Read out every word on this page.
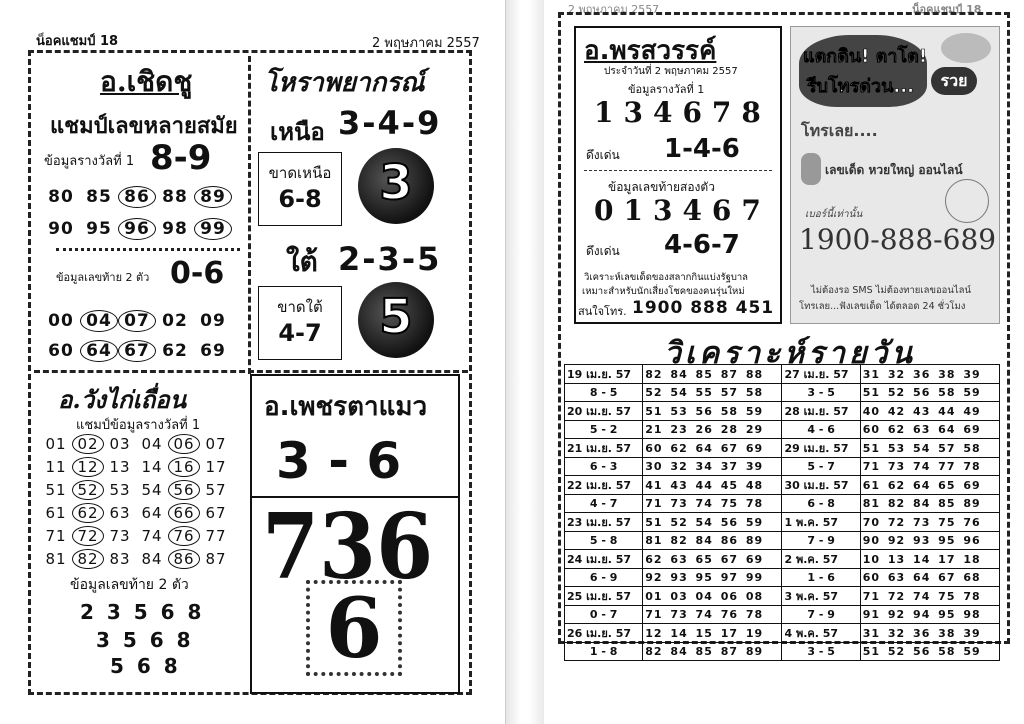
น็อคแชมป์ 18	2 พฤษภาคม 2557
อ.เชิดชู
แชมป์เลขหลายสมัย
ข้อมูลรางวัลที่ 1 8-9
80 85 86 88 89
90 95 96 98 99
ข้อมูลเลขท้าย 2 ตัว 0-6
00 04 07 02 09
60 64 67 62 69
โหราพยากรณ์
เหนือ 3-4-9
ขาดเหนือ
6-8	3
ใต้ 2-3-5
ขาดใต้
4-7	5
อ.วังไก่เถื่อน
แชมป์ข้อมูลรางวัลที่ 1
01 02 03 04 06 07
11 12 13 14 16 17
51 52 53 54 56 57
61 62 63 64 66 67
71 72 73 74 76 77
81 82 83 84 86 87
ข้อมูลเลขท้าย 2 ตัว
2 3 5 6 8
3 5 6 8
5 6 8
อ.เพชรตาแมว
3 - 6
736
6
2 พฤษภาคม 2557	น็อคแชมป์ 18
อ.พรสวรรค์
ประจำวันที่ 2 พฤษภาคม 2557
ข้อมูลรางวัลที่ 1
134678
ดึงเด่น 1-4-6
ข้อมูลเลขท้ายสองตัว
013467
ดึงเด่น 4-6-7
วิเคราะห์เลขเด็ดของสลากกินแบ่งรัฐบาล
เหมาะสำหรับนักเสี่ยงโชคของคนรุ่นใหม่
สนใจโทร. 1900 888 451
แตกดิน! ตาโต!
รีบโทรด่วน...	รวย
โทรเลย....
เลขเด็ด หวยใหญ่ ออนไลน์
เบอร์นี้เท่านั้น
1900-888-689
ไม่ต้องรอ SMS ไม่ต้องทายเลขออนไลน์
โทรเลย...ฟังเลขเด็ด ได้ตลอด 24 ชั่วโมง
วิเคราะห์รายวัน
19 เม.ย. 57	82 84 85 87 88	27 เม.ย. 57	31 32 36 38 39
8 - 5	52 54 55 57 58	3 - 5	51 52 56 58 59
20 เม.ย. 57	51 53 56 58 59	28 เม.ย. 57	40 42 43 44 49
5 - 2	21 23 26 28 29	4 - 6	60 62 63 64 69
21 เม.ย. 57	60 62 64 67 69	29 เม.ย. 57	51 53 54 57 58
6 - 3	30 32 34 37 39	5 - 7	71 73 74 77 78
22 เม.ย. 57	41 43 44 45 48	30 เม.ย. 57	61 62 64 65 69
4 - 7	71 73 74 75 78	6 - 8	81 82 84 85 89
23 เม.ย. 57	51 52 54 56 59	1 พ.ค. 57	70 72 73 75 76
5 - 8	81 82 84 86 89	7 - 9	90 92 93 95 96
24 เม.ย. 57	62 63 65 67 69	2 พ.ค. 57	10 13 14 17 18
6 - 9	92 93 95 97 99	1 - 6	60 63 64 67 68
25 เม.ย. 57	01 03 04 06 08	3 พ.ค. 57	71 72 74 75 78
0 - 7	71 73 74 76 78	7 - 9	91 92 94 95 98
26 เม.ย. 57	12 14 15 17 19	4 พ.ค. 57	31 32 36 38 39
1 - 8	82 84 85 87 89	3 - 5	51 52 56 58 59
